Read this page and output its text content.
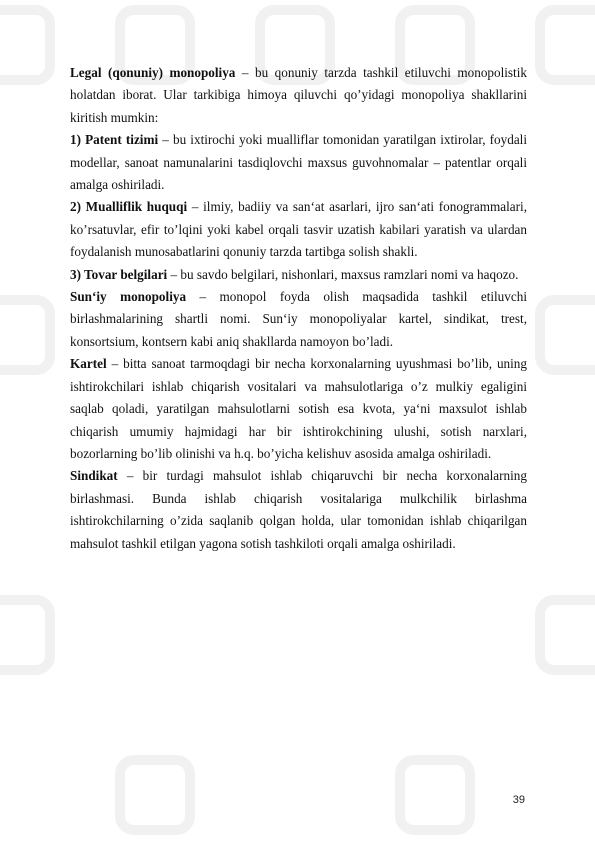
Legal (qonuniy) monopoliya – bu qonuniy tarzda tashkil etiluvchi monopolistik holatdan iborat. Ular tarkibiga himoya qiluvchi qo’yidagi monopoliya shakllarini kiritish mumkin:

1) Patent tizimi – bu ixtirochi yoki mualliflar tomonidan yaratilgan ixtirolar, foydali modellar, sanoat namunalarini tasdiqlovchi maxsus guvohnomalar – patentlar orqali amalga oshiriladi.

2) Mualliflik huquqi – ilmiy, badiiy va san‘at asarlari, ijro san‘ati fonogrammalari, ko’rsatuvlar, efir to’lqini yoki kabel orqali tasvir uzatish kabilari yaratish va ulardan foydalanish munosabatlarini qonuniy tarzda tartibga solish shakli.

3) Tovar belgilari – bu savdo belgilari, nishonlari, maxsus ramzlari nomi va haqozo.

Sun‘iy monopoliya – monopol foyda olish maqsadida tashkil etiluvchi birlashmalarining shartli nomi. Sun‘iy monopoliyalar kartel, sindikat, trest, konsortsium, kontsern kabi aniq shakllarda namoyon bo’ladi.

Kartel – bitta sanoat tarmoqdagi bir necha korxonalarning uyushmasi bo’lib, uning ishtirokchilari ishlab chiqarish vositalari va mahsulotlariga o’z mulkiy egaligini saqlab qoladi, yaratilgan mahsulotlarni sotish esa kvota, ya‘ni maxsulot ishlab chiqarish umumiy hajmidagi har bir ishtirokchining ulushi, sotish narxlari, bozorlarning bo’lib olinishi va h.q. bo’yicha kelishuv asosida amalga oshiriladi.

Sindikat – bir turdagi mahsulot ishlab chiqaruvchi bir necha korxonalarning birlashmasi. Bunda ishlab chiqarish vositalariga mulkchilik birlashma ishtirokchilarning o’zida saqlanib qolgan holda, ular tomonidan ishlab chiqarilgan mahsulot tashkil etilgan yagona sotish tashkiloti orqali amalga oshiriladi.

39
